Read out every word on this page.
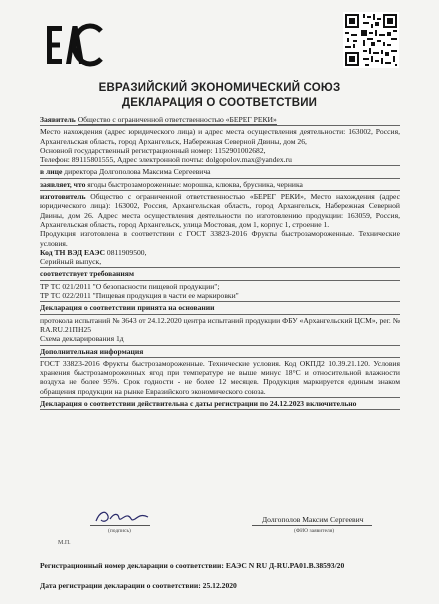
ЕВРАЗИЙСКИЙ ЭКОНОМИЧЕСКИЙ СОЮЗ
ДЕКЛАРАЦИЯ О СООТВЕТСТВИИ

Заявитель Общество с ограниченной ответственностью «БЕРЕГ РЕКИ»

Место нахождения (адрес юридического лица) и адрес места осуществления деятельности: 163002, Россия, Архангельская область, город Архангельск, Набережная Северной Двины, дом 26,

Основной государственный регистрационный номер: 1152901002682,

Телефон: 89115801555, Адрес электронной почты: dolgopolov.max@yandex.ru

в лице директора Долгополова Максима Сергеевича

заявляет, что ягоды быстрозамороженные: морошка, клюква, брусника, черника

изготовитель Общество с ограниченной ответственностью «БЕРЕГ РЕКИ», Место нахождения (адрес юридического лица): 163002, Россия, Архангельская область, город Архангельск, Набережная Северной Двины, дом 26. Адрес места осуществления деятельности по изготовлению продукции: 163059, Россия, Архангельская область, город Архангельск, улица Мостовая, дом 1, корпус 1, строение 1.

Продукция изготовлена в соответствии с ГОСТ 33823-2016 Фрукты быстрозамороженные. Технические условия.

Код ТН ВЭД ЕАЭС 0811909500,

Серийный выпуск,

соответствует требованиям

ТР ТС 021/2011 "О безопасности пищевой продукции";

ТР ТС 022/2011 "Пищевая продукция в части ее маркировки"

Декларация о соответствии принята на основании

протокола испытаний № 3643 от 24.12.2020 центра испытаний продукции ФБУ «Архангельский ЦСМ», рег. № RA.RU.21ПН25

Схема декларирования 1д

Дополнительная информация

ГОСТ 33823-2016 Фрукты быстрозамороженные. Технические условия. Код ОКПД2 10.39.21.120. Условия хранения быстрозамороженных ягод при температуре не выше минус 18°С и относительной влажности воздуха не более 95%. Срок годности - не более 12 месяцев. Продукция маркируется единым знаком обращения продукции на рынке Евразийского экономического союза.

Декларация о соответствии действительна с даты регистрации по 24.12.2023 включительно

(подпись)
М.П.
Долгополов Максим Сергеевич
(ФИО заявителя)
Регистрационный номер декларации о соответствии: ЕАЭС N RU Д-RU.PA01.В.38593/20
Дата регистрации декларации о соответствии: 25.12.2020
